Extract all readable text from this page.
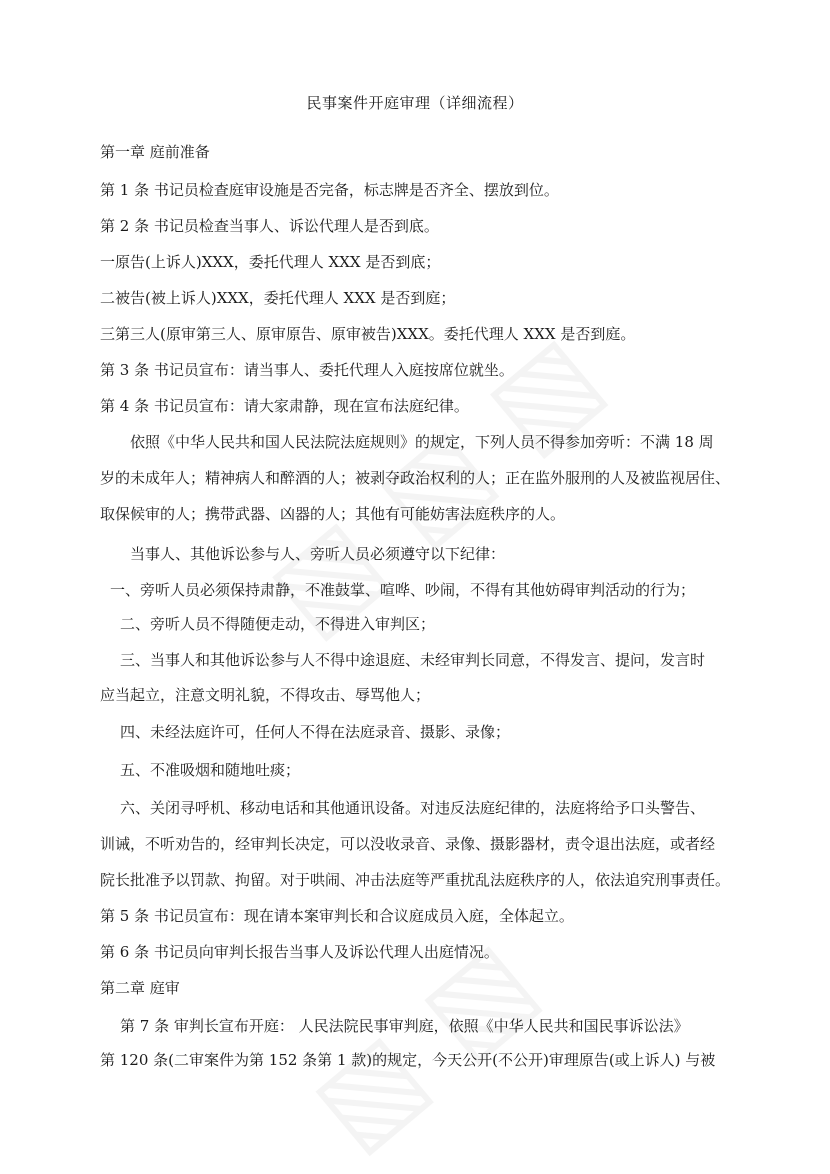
民事案件开庭审理（详细流程）
第一章 庭前准备
第 1 条 书记员检查庭审设施是否完备，标志牌是否齐全、摆放到位。
第 2 条 书记员检查当事人、诉讼代理人是否到底。
一原告(上诉人)XXX，委托代理人 XXX 是否到底；
二被告(被上诉人)XXX，委托代理人 XXX 是否到庭；
三第三人(原审第三人、原审原告、原审被告)XXX。委托代理人 XXX 是否到庭。
第 3 条 书记员宣布：请当事人、委托代理人入庭按席位就坐。
第 4 条 书记员宣布：请大家肃静，现在宣布法庭纪律。
依照《中华人民共和国人民法院法庭规则》的规定，下列人员不得参加旁听：不满 18 周
岁的未成年人；精神病人和醉酒的人；被剥夺政治权利的人；正在监外服刑的人及被监视居住、
取保候审的人；携带武器、凶器的人；其他有可能妨害法庭秩序的人。
当事人、其他诉讼参与人、旁听人员必须遵守以下纪律：
一、旁听人员必须保持肃静，不准鼓掌、喧哗、吵闹，不得有其他妨碍审判活动的行为；
二、旁听人员不得随便走动，不得进入审判区；
三、当事人和其他诉讼参与人不得中途退庭、未经审判长同意，不得发言、提问，发言时
应当起立，注意文明礼貌，不得攻击、辱骂他人；
四、未经法庭许可，任何人不得在法庭录音、摄影、录像；
五、不准吸烟和随地吐痰；
六、关闭寻呼机、移动电话和其他通讯设备。对违反法庭纪律的，法庭将给予口头警告、
训诫，不听劝告的，经审判长决定，可以没收录音、录像、摄影器材，责令退出法庭，或者经
院长批准予以罚款、拘留。对于哄闹、冲击法庭等严重扰乱法庭秩序的人，依法追究刑事责任。
第 5 条 书记员宣布：现在请本案审判长和合议庭成员入庭，全体起立。
第 6 条 书记员向审判长报告当事人及诉讼代理人出庭情况。
第二章 庭审
第 7 条 审判长宣布开庭： 人民法院民事审判庭，依照《中华人民共和国民事诉讼法》
第 120 条(二审案件为第 152 条第 1 款)的规定，今天公开(不公开)审理原告(或上诉人) 与被
